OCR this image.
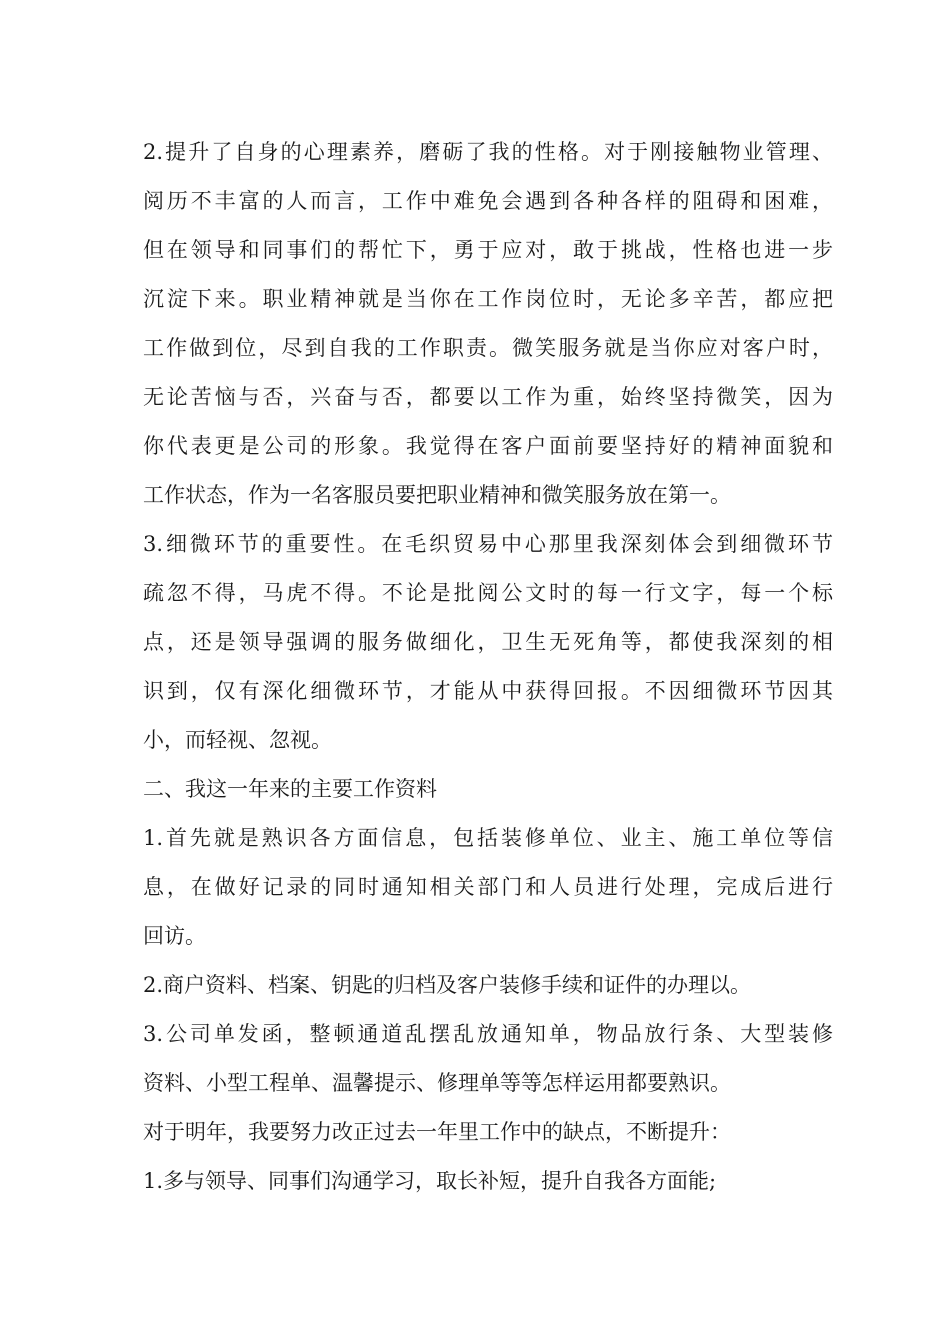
2.提升了自身的心理素养，磨砺了我的性格。对于刚接触物业管理、
阅历不丰富的人而言，工作中难免会遇到各种各样的阻碍和困难，
但在领导和同事们的帮忙下，勇于应对，敢于挑战，性格也进一步
沉淀下来。职业精神就是当你在工作岗位时，无论多辛苦，都应把
工作做到位，尽到自我的工作职责。微笑服务就是当你应对客户时，
无论苦恼与否，兴奋与否，都要以工作为重，始终坚持微笑，因为
你代表更是公司的形象。我觉得在客户面前要坚持好的精神面貌和
工作状态，作为一名客服员要把职业精神和微笑服务放在第一。
3.细微环节的重要性。在毛织贸易中心那里我深刻体会到细微环节
疏忽不得，马虎不得。不论是批阅公文时的每一行文字，每一个标
点，还是领导强调的服务做细化，卫生无死角等，都使我深刻的相
识到，仅有深化细微环节，才能从中获得回报。不因细微环节因其
小，而轻视、忽视。
二、我这一年来的主要工作资料
1.首先就是熟识各方面信息，包括装修单位、业主、施工单位等信
息，在做好记录的同时通知相关部门和人员进行处理，完成后进行
回访。
2.商户资料、档案、钥匙的归档及客户装修手续和证件的办理以。
3.公司单发函，整顿通道乱摆乱放通知单，物品放行条、大型装修
资料、小型工程单、温馨提示、修理单等等怎样运用都要熟识。
对于明年，我要努力改正过去一年里工作中的缺点，不断提升：
1.多与领导、同事们沟通学习，取长补短，提升自我各方面能;
